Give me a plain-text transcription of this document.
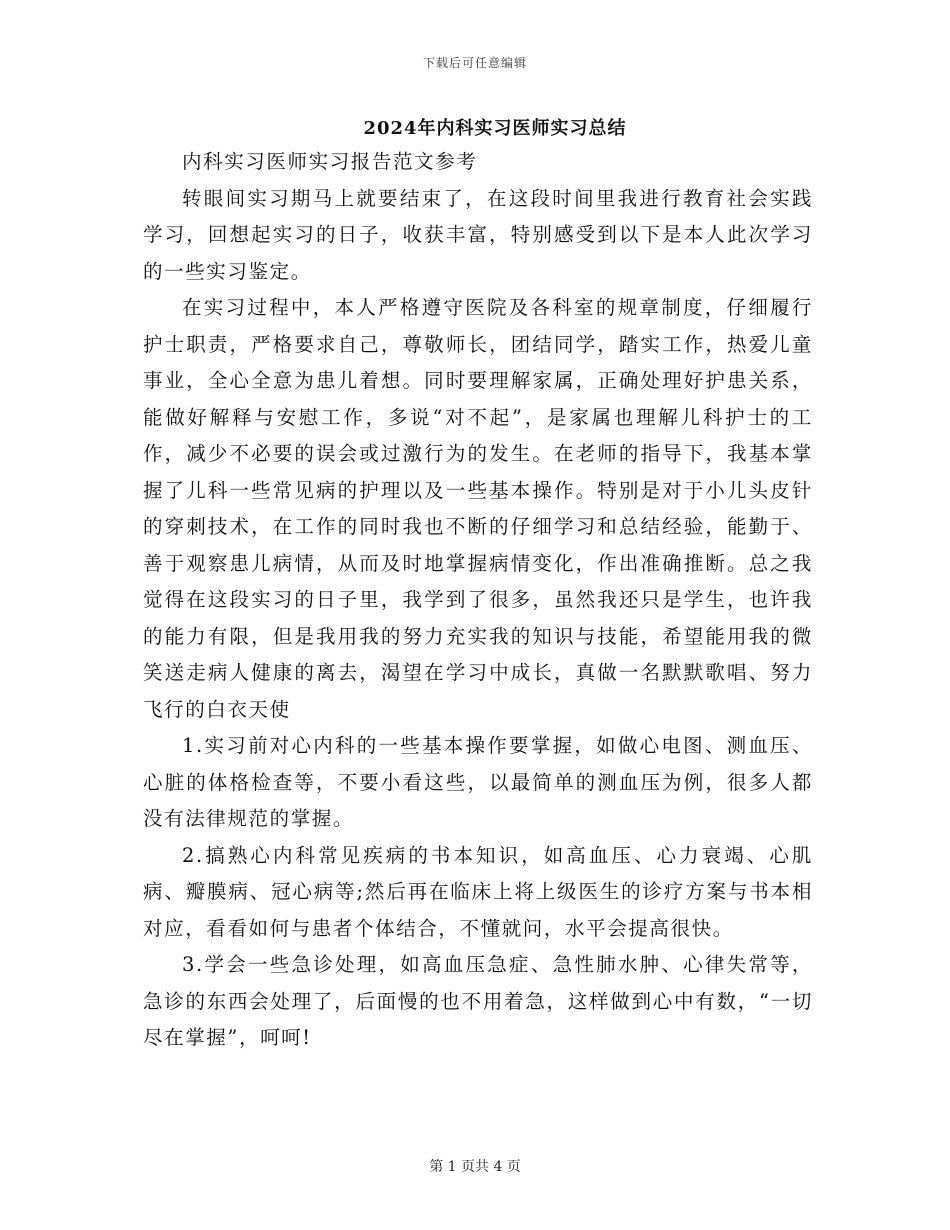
下载后可任意编辑
2024年内科实习医师实习总结

内科实习医师实习报告范文参考

转眼间实习期马上就要结束了，在这段时间里我进行教育社会实践学习，回想起实习的日子，收获丰富，特别感受到以下是本人此次学习的一些实习鉴定。

在实习过程中，本人严格遵守医院及各科室的规章制度，仔细履行护士职责，严格要求自己，尊敬师长，团结同学，踏实工作，热爱儿童事业，全心全意为患儿着想。同时要理解家属，正确处理好护患关系，能做好解释与安慰工作，多说“对不起”，是家属也理解儿科护士的工作，减少不必要的误会或过激行为的发生。在老师的指导下，我基本掌握了儿科一些常见病的护理以及一些基本操作。特别是对于小儿头皮针的穿刺技术，在工作的同时我也不断的仔细学习和总结经验，能勤于、善于观察患儿病情，从而及时地掌握病情变化，作出准确推断。总之我觉得在这段实习的日子里，我学到了很多，虽然我还只是学生，也许我的能力有限，但是我用我的努力充实我的知识与技能，希望能用我的微笑送走病人健康的离去，渴望在学习中成长，真做一名默默歌唱、努力飞行的白衣天使

1.实习前对心内科的一些基本操作要掌握，如做心电图、测血压、心脏的体格检查等，不要小看这些，以最简单的测血压为例，很多人都没有法律规范的掌握。

2.搞熟心内科常见疾病的书本知识，如高血压、心力衰竭、心肌病、瓣膜病、冠心病等;然后再在临床上将上级医生的诊疗方案与书本相对应，看看如何与患者个体结合，不懂就问，水平会提高很快。

3.学会一些急诊处理，如高血压急症、急性肺水肿、心律失常等，急诊的东西会处理了，后面慢的也不用着急，这样做到心中有数，“一切尽在掌握”，呵呵!

第 1 页共 4 页
